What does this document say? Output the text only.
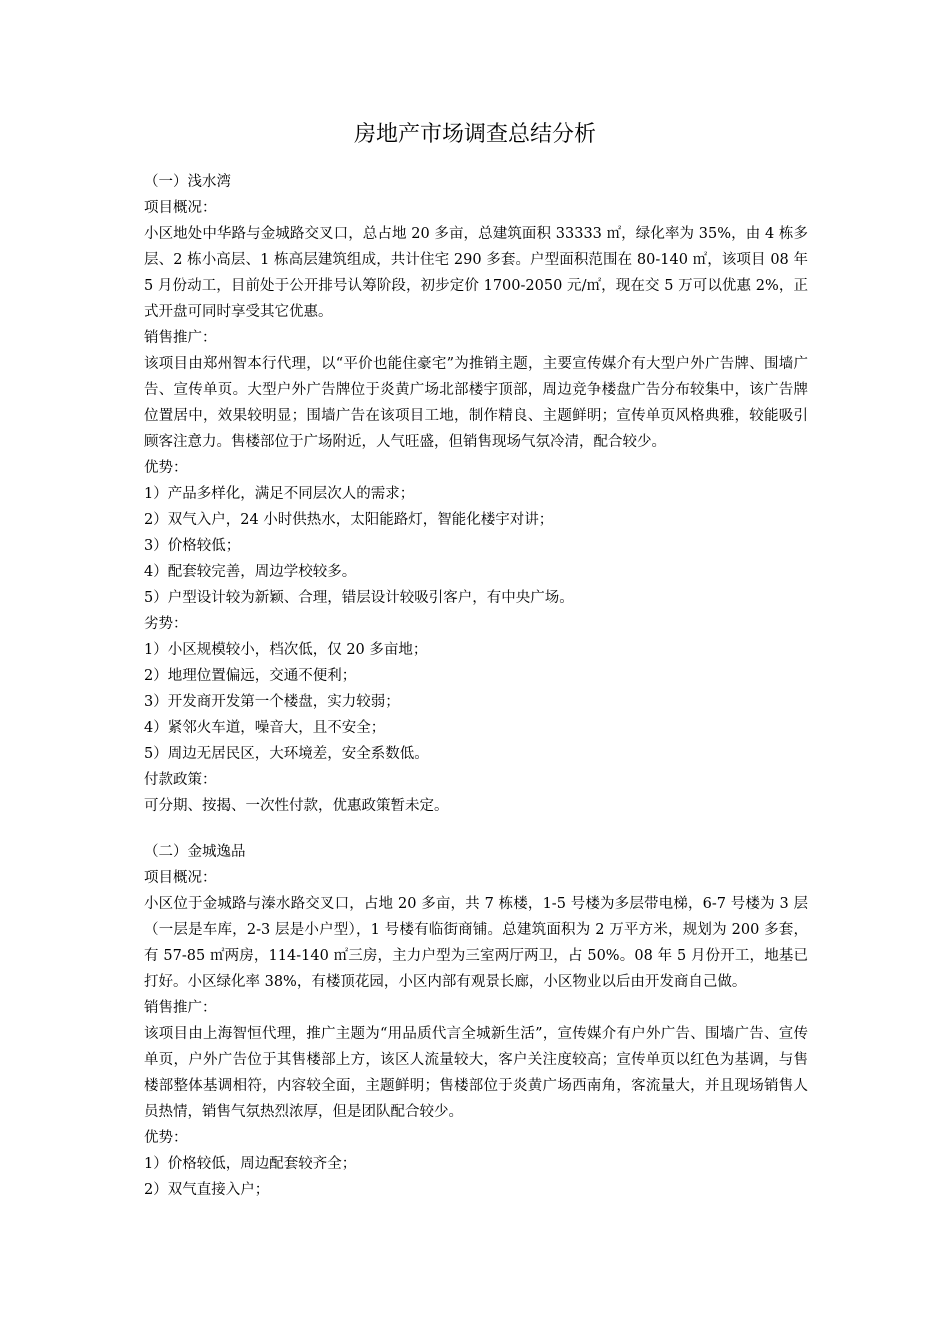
房地产市场调查总结分析

（一）浅水湾

项目概况：

小区地处中华路与金城路交叉口，总占地 20 多亩，总建筑面积 33333 ㎡，绿化率为 35%，由 4 栋多层、2 栋小高层、1 栋高层建筑组成，共计住宅 290 多套。户型面积范围在 80-140 ㎡，该项目 08 年 5 月份动工，目前处于公开排号认筹阶段，初步定价 1700-2050 元/㎡，现在交 5 万可以优惠 2%，正式开盘可同时享受其它优惠。

销售推广：

该项目由郑州智本行代理，以“平价也能住豪宅”为推销主题，主要宣传媒介有大型户外广告牌、围墙广告、宣传单页。大型户外广告牌位于炎黄广场北部楼宇顶部，周边竞争楼盘广告分布较集中，该广告牌位置居中，效果较明显；围墙广告在该项目工地，制作精良、主题鲜明；宣传单页风格典雅，较能吸引顾客注意力。售楼部位于广场附近，人气旺盛，但销售现场气氛冷清，配合较少。

优势：

1）产品多样化，满足不同层次人的需求；

2）双气入户，24 小时供热水，太阳能路灯，智能化楼宇对讲；

3）价格较低；

4）配套较完善，周边学校较多。

5）户型设计较为新颖、合理，错层设计较吸引客户，有中央广场。

劣势：

1）小区规模较小，档次低，仅 20 多亩地；

2）地理位置偏远，交通不便利；

3）开发商开发第一个楼盘，实力较弱；

4）紧邻火车道，噪音大，且不安全；

5）周边无居民区，大环境差，安全系数低。

付款政策：

可分期、按揭、一次性付款，优惠政策暂未定。

（二）金城逸品

项目概况：

小区位于金城路与溱水路交叉口，占地 20 多亩，共 7 栋楼，1-5 号楼为多层带电梯，6-7 号楼为 3 层（一层是车库，2-3 层是小户型），1 号楼有临街商铺。总建筑面积为 2 万平方米，规划为 200 多套，有 57-85 ㎡两房，114-140 ㎡三房，主力户型为三室两厅两卫，占 50%。08 年 5 月份开工，地基已打好。小区绿化率 38%，有楼顶花园，小区内部有观景长廊，小区物业以后由开发商自己做。

销售推广：

该项目由上海智恒代理，推广主题为“用品质代言全城新生活”，宣传媒介有户外广告、围墙广告、宣传单页，户外广告位于其售楼部上方，该区人流量较大，客户关注度较高；宣传单页以红色为基调，与售楼部整体基调相符，内容较全面，主题鲜明；售楼部位于炎黄广场西南角，客流量大，并且现场销售人员热情，销售气氛热烈浓厚，但是团队配合较少。

优势：

1）价格较低，周边配套较齐全；

2）双气直接入户；
